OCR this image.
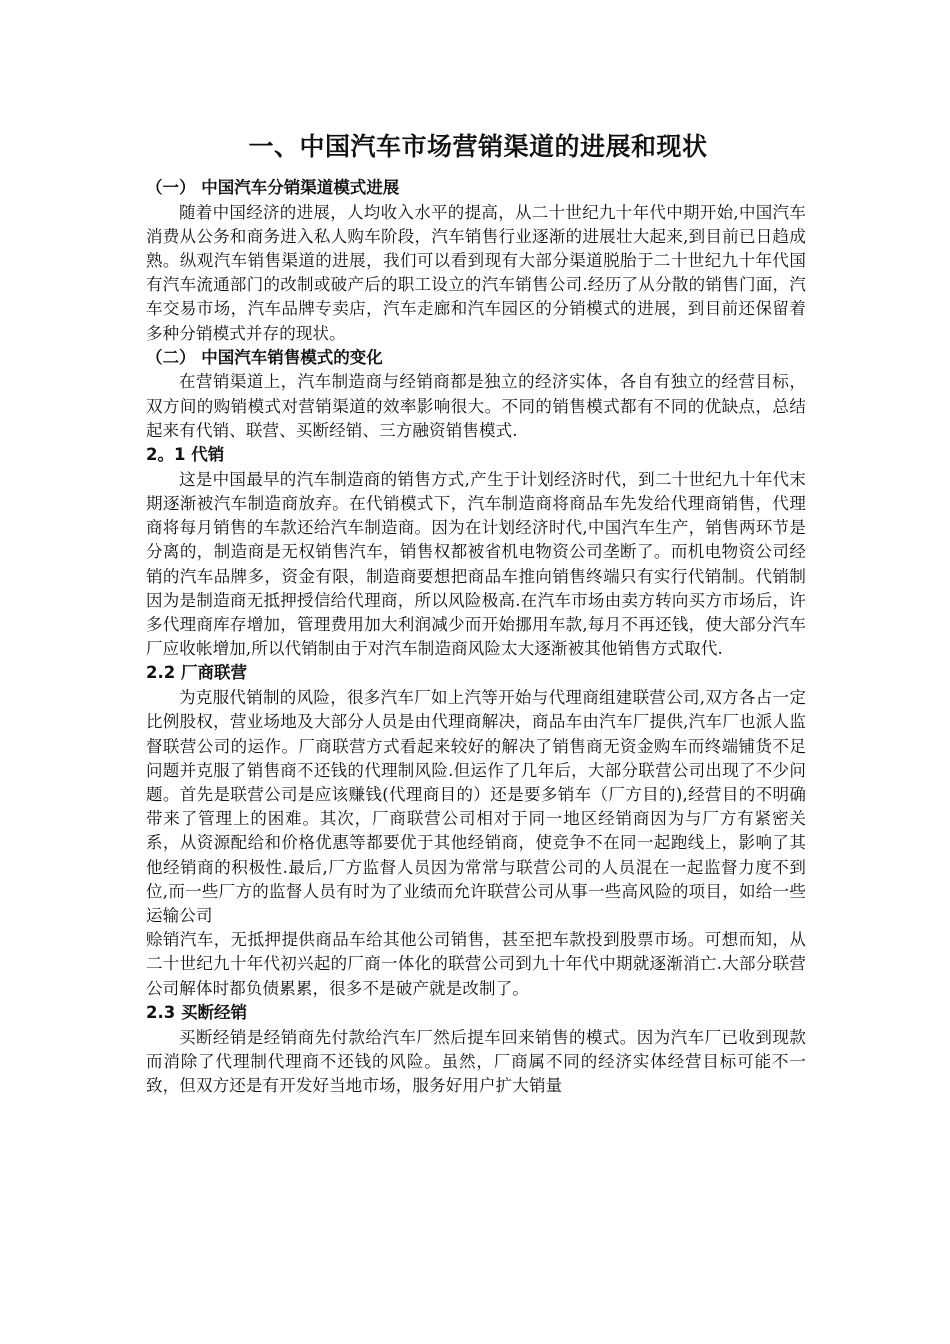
一、中国汽车市场营销渠道的进展和现状
（一） 中国汽车分销渠道模式进展

随着中国经济的进展，人均收入水平的提高，从二十世纪九十年代中期开始,中国汽车消费从公务和商务进入私人购车阶段，汽车销售行业逐渐的进展壮大起来,到目前已日趋成熟。纵观汽车销售渠道的进展，我们可以看到现有大部分渠道脱胎于二十世纪九十年代国有汽车流通部门的改制或破产后的职工设立的汽车销售公司.经历了从分散的销售门面，汽车交易市场，汽车品牌专卖店，汽车走廊和汽车园区的分销模式的进展，到目前还保留着多种分销模式并存的现状。

（二） 中国汽车销售模式的变化

在营销渠道上，汽车制造商与经销商都是独立的经济实体，各自有独立的经营目标，双方间的购销模式对营销渠道的效率影响很大。不同的销售模式都有不同的优缺点，总结起来有代销、联营、买断经销、三方融资销售模式.

2。1 代销

这是中国最早的汽车制造商的销售方式,产生于计划经济时代，到二十世纪九十年代末期逐渐被汽车制造商放弃。在代销模式下，汽车制造商将商品车先发给代理商销售，代理商将每月销售的车款还给汽车制造商。因为在计划经济时代,中国汽车生产，销售两环节是分离的，制造商是无权销售汽车，销售权都被省机电物资公司垄断了。而机电物资公司经销的汽车品牌多，资金有限，制造商要想把商品车推向销售终端只有实行代销制。代销制因为是制造商无抵押授信给代理商，所以风险极高.在汽车市场由卖方转向买方市场后，许多代理商库存增加，管理费用加大利润减少而开始挪用车款,每月不再还钱，使大部分汽车厂应收帐增加,所以代销制由于对汽车制造商风险太大逐渐被其他销售方式取代.

2.2 厂商联营

为克服代销制的风险，很多汽车厂如上汽等开始与代理商组建联营公司,双方各占一定比例股权，营业场地及大部分人员是由代理商解决，商品车由汽车厂提供,汽车厂也派人监督联营公司的运作。厂商联营方式看起来较好的解决了销售商无资金购车而终端铺货不足问题并克服了销售商不还钱的代理制风险.但运作了几年后，大部分联营公司出现了不少问题。首先是联营公司是应该赚钱(代理商目的）还是要多销车（厂方目的),经营目的不明确带来了管理上的困难。其次，厂商联营公司相对于同一地区经销商因为与厂方有紧密关系，从资源配给和价格优惠等都要优于其他经销商，使竞争不在同一起跑线上，影响了其他经销商的积极性.最后,厂方监督人员因为常常与联营公司的人员混在一起监督力度不到位,而一些厂方的监督人员有时为了业绩而允许联营公司从事一些高风险的项目，如给一些运输公司

赊销汽车，无抵押提供商品车给其他公司销售，甚至把车款投到股票市场。可想而知，从二十世纪九十年代初兴起的厂商一体化的联营公司到九十年代中期就逐渐消亡.大部分联营公司解体时都负债累累，很多不是破产就是改制了。

2.3 买断经销

买断经销是经销商先付款给汽车厂然后提车回来销售的模式。因为汽车厂已收到现款而消除了代理制代理商不还钱的风险。虽然，厂商属不同的经济实体经营目标可能不一致，但双方还是有开发好当地市场，服务好用户扩大销量
